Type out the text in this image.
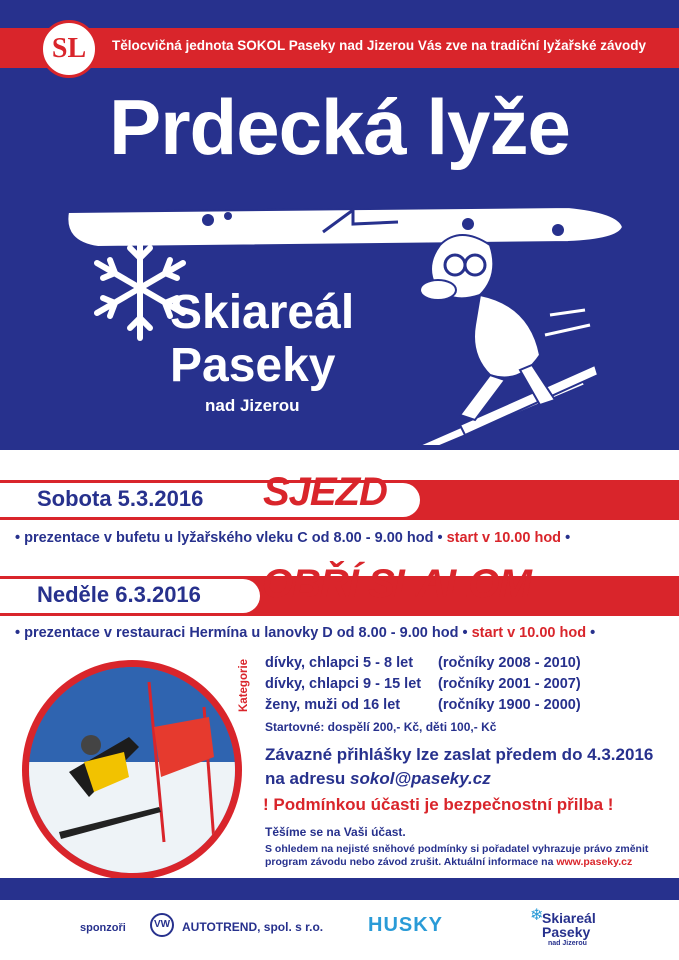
SL	Tělocvičná jednota SOKOL Paseky nad Jizerou Vás zve na tradiční lyžařské závody
Prdecká lyže
Skiareál
Paseky
nad Jizerou
Sobota 5.3.2016 SJEZD
• prezentace v bufetu u lyžařského vleku C od 8.00 - 9.00 hod • start v 10.00 hod •
Neděle 6.3.2016 OBŘÍ SLALOM
• prezentace v restauraci Hermína u lanovky D od 8.00 - 9.00 hod • start v 10.00 hod •
Kategorie dívky, chlapci 5 - 8 let (ročníky 2008 - 2010)
dívky, chlapci 9 - 15 let (ročníky 2001 - 2007)
ženy, muži od 16 let	(ročníky 1900 - 2000)
Startovné: dospělí 200,- Kč, děti 100,- Kč
Závazné přihlášky lze zaslat předem do 4.3.2016
na adresu sokol@paseky.cz
! Podmínkou účasti je bezpečnostní přilba !
Těšíme se na Vaši účast.
S ohledem na nejisté sněhové podmínky si pořadatel vyhrazuje právo změnit
program závodu nebo závod zrušit. Aktuální informace na www.paseky.cz
sponzoři	VW AUTOTREND, spol. s r.o. HUSKY	❄
Skiareál
Paseky
nad Jizerou
